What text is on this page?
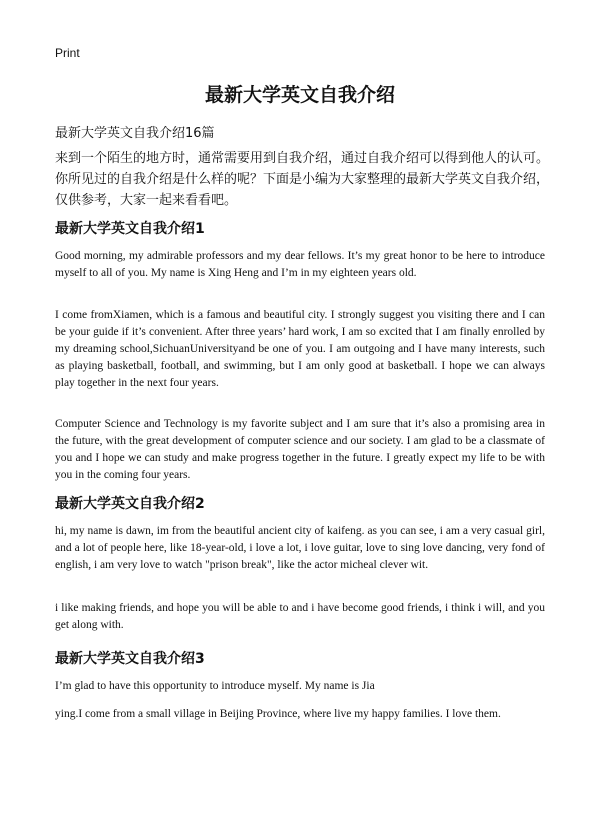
Print
最新大学英文自我介绍
最新大学英文自我介绍16篇
来到一个陌生的地方时，通常需要用到自我介绍，通过自我介绍可以得到他人的认可。你所见过的自我介绍是什么样的呢？下面是小编为大家整理的最新大学英文自我介绍，仅供参考，大家一起来看看吧。
最新大学英文自我介绍1
Good morning, my admirable professors and my dear fellows. It’s my great honor to be here to introduce myself to all of you. My name is Xing Heng and I’m in my eighteen years old.
I come fromXiamen, which is a famous and beautiful city. I strongly suggest you visiting there and I can be your guide if it’s convenient. After three years’ hard work, I am so excited that I am finally enrolled by my dreaming school,SichuanUniversityand be one of you. I am outgoing and I have many interests, such as playing basketball, football, and swimming, but I am only good at basketball. I hope we can always play together in the next four years.
Computer Science and Technology is my favorite subject and I am sure that it’s also a promising area in the future, with the great development of computer science and our society. I am glad to be a classmate of you and I hope we can study and make progress together in the future. I greatly expect my life to be with you in the coming four years.
最新大学英文自我介绍2
hi, my name is dawn, im from the beautiful ancient city of kaifeng. as you can see, i am a very casual girl, and a lot of people here, like 18-year-old, i love a lot, i love guitar, love to sing love dancing, very fond of english, i am very love to watch "prison break", like the actor micheal clever wit.
i like making friends, and hope you will be able to and i have become good friends, i think i will, and you get along with.
最新大学英文自我介绍3
I’m glad to have this opportunity to introduce myself. My name is Jia
ying.I come from a small village in Beijing Province, where live my happy families. I love them.
